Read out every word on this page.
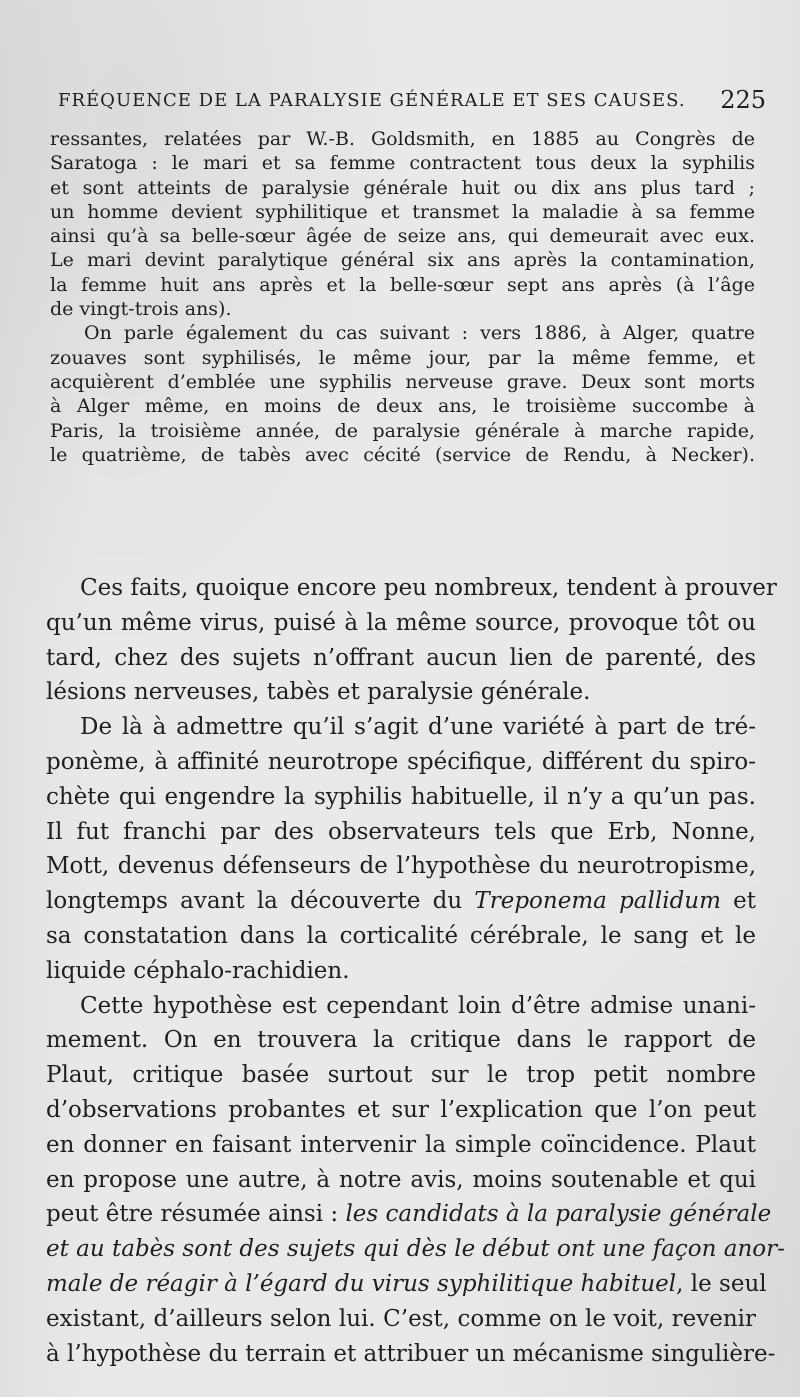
FRÉQUENCE DE LA PARALYSIE GÉNÉRALE ET SES CAUSES.	225
ressantes, relatées par W.-B. Goldsmith, en 1885 au Congrès de
Saratoga : le mari et sa femme contractent tous deux la syphilis
et sont atteints de paralysie générale huit ou dix ans plus tard ;
un homme devient syphilitique et transmet la maladie à sa femme
ainsi qu’à sa belle-sœur âgée de seize ans, qui demeurait avec eux.
Le mari devint paralytique général six ans après la contamination,
la femme huit ans après et la belle-sœur sept ans après (à l’âge
de vingt-trois ans).
On parle également du cas suivant : vers 1886, à Alger, quatre
zouaves sont syphilisés, le même jour, par la même femme, et
acquièrent d’emblée une syphilis nerveuse grave. Deux sont morts
à Alger même, en moins de deux ans, le troisième succombe à
Paris, la troisième année, de paralysie générale à marche rapide,
le quatrième, de tabès avec cécité (service de Rendu, à Necker).
Ces faits, quoique encore peu nombreux, tendent à prouver
qu’un même virus, puisé à la même source, provoque tôt ou
tard, chez des sujets n’offrant aucun lien de parenté, des
lésions nerveuses, tabès et paralysie générale.
De là à admettre qu’il s’agit d’une variété à part de tré-
ponème, à affinité neurotrope spécifique, différent du spiro-
chète qui engendre la syphilis habituelle, il n’y a qu’un pas.
Il fut franchi par des observateurs tels que Erb, Nonne,
Mott, devenus défenseurs de l’hypothèse du neurotropisme,
longtemps avant la découverte du Treponema pallidum et
sa constatation dans la corticalité cérébrale, le sang et le
liquide céphalo-rachidien.
Cette hypothèse est cependant loin d’être admise unani-
mement. On en trouvera la critique dans le rapport de
Plaut, critique basée surtout sur le trop petit nombre
d’observations probantes et sur l’explication que l’on peut
en donner en faisant intervenir la simple coïncidence. Plaut
en propose une autre, à notre avis, moins soutenable et qui
peut être résumée ainsi : les candidats à la paralysie générale
et au tabès sont des sujets qui dès le début ont une façon anor-
male de réagir à l’égard du virus syphilitique habituel, le seul
existant, d’ailleurs selon lui. C’est, comme on le voit, revenir
à l’hypothèse du terrain et attribuer un mécanisme singulière-
